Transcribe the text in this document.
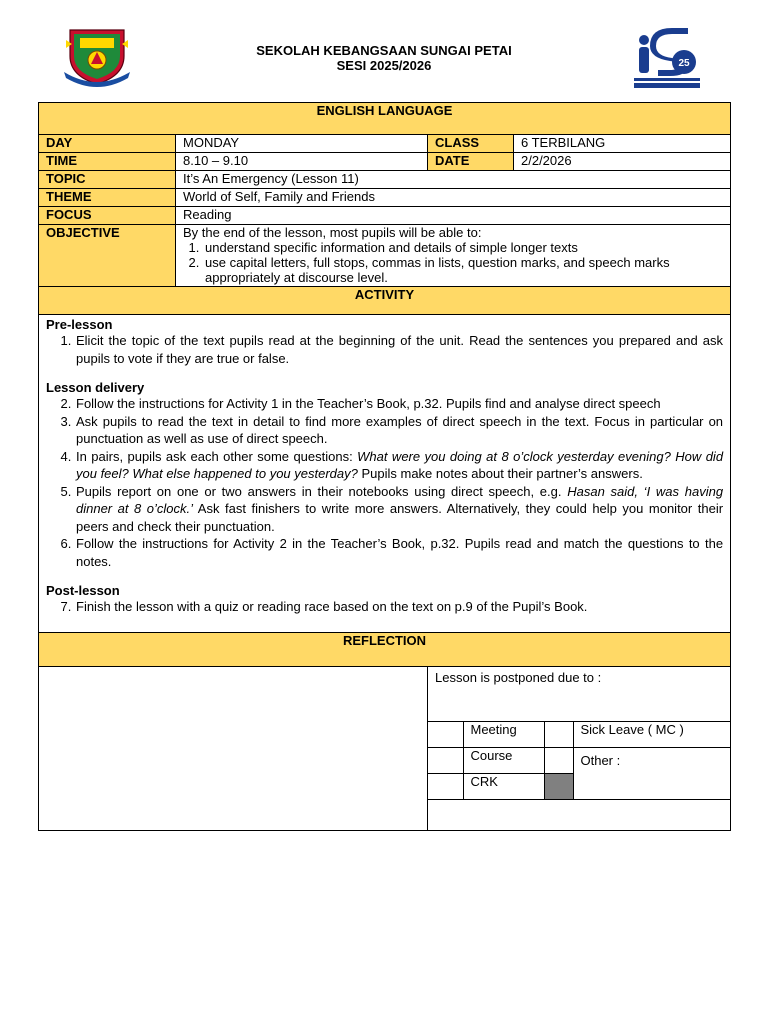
SEKOLAH KEBANGSAAN SUNGAI PETAI
SESI 2025/2026	25
ENGLISH LANGUAGE
DAY	MONDAY	CLASS	6 TERBILANG
TIME	8.10 – 9.10	DATE	2/2/2026
TOPIC	It’s An Emergency (Lesson 11)
THEME	World of Self, Family and Friends
FOCUS	Reading
OBJECTIVE	By the end of the lesson, most pupils will be able to:
1. understand specific information and details of simple longer texts
2. use capital letters, full stops, commas in lists, question marks, and speech marks appropriately at discourse level.

ACTIVITY

Pre-lesson
1. Elicit the topic of the text pupils read at the beginning of the unit. Read the sentences you prepared and ask pupils to vote if they are true or false.
Lesson delivery
2. Follow the instructions for Activity 1 in the Teacher’s Book, p.32. Pupils find and analyse direct speech
3. Ask pupils to read the text in detail to find more examples of direct speech in the text. Focus in particular on punctuation as well as use of direct speech.
4. In pairs, pupils ask each other some questions: What were you doing at 8 o’clock yesterday evening? How did you feel? What else happened to you yesterday? Pupils make notes about their partner’s answers.
5. Pupils report on one or two answers in their notebooks using direct speech, e.g. Hasan said, ‘I was having dinner at 8 o’clock.’ Ask fast finishers to write more answers. Alternatively, they could help you monitor their peers and check their punctuation.
6. Follow the instructions for Activity 2 in the Teacher’s Book, p.32. Pupils read and match the questions to the notes.
Post-lesson
7. Finish the lesson with a quiz or reading race based on the text on p.9 of the Pupil’s Book.

REFLECTION

Lesson is postponed due to :
	Meeting		Sick Leave ( MC )
	Course		Other :
	CRK	
